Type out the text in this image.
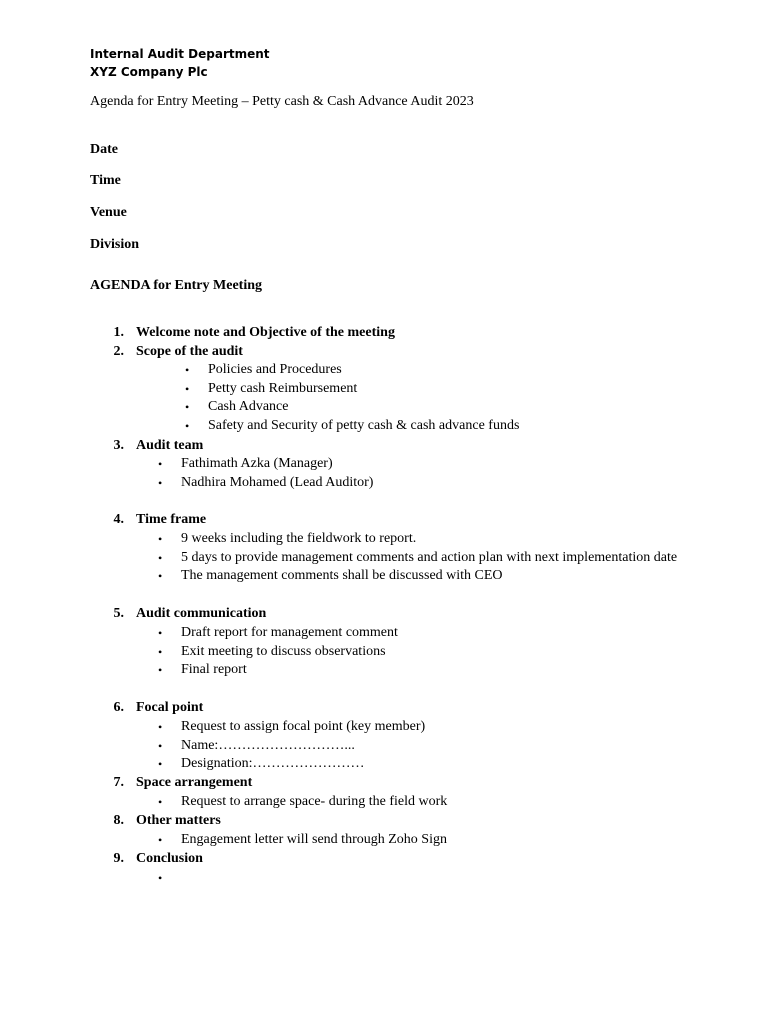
Internal Audit Department
XYZ Company Plc
Agenda for Entry Meeting – Petty cash & Cash Advance Audit 2023
Date
Time
Venue
Division
AGENDA for Entry Meeting
1. Welcome note and Objective of the meeting
2. Scope of the audit
• Policies and Procedures
• Petty cash Reimbursement
• Cash Advance
• Safety and Security of petty cash & cash advance funds
3. Audit team
• Fathimath Azka (Manager)
• Nadhira Mohamed (Lead Auditor)
4. Time frame
• 9 weeks including the fieldwork to report.
• 5 days to provide management comments and action plan with next implementation date
• The management comments shall be discussed with CEO
5. Audit communication
• Draft report for management comment
• Exit meeting to discuss observations
• Final report
6. Focal point
• Request to assign focal point (key member)
• Name:………………………...
• Designation:……………………
7. Space arrangement
• Request to arrange space- during the field work
8. Other matters
• Engagement letter will send through Zoho Sign
9. Conclusion
•
